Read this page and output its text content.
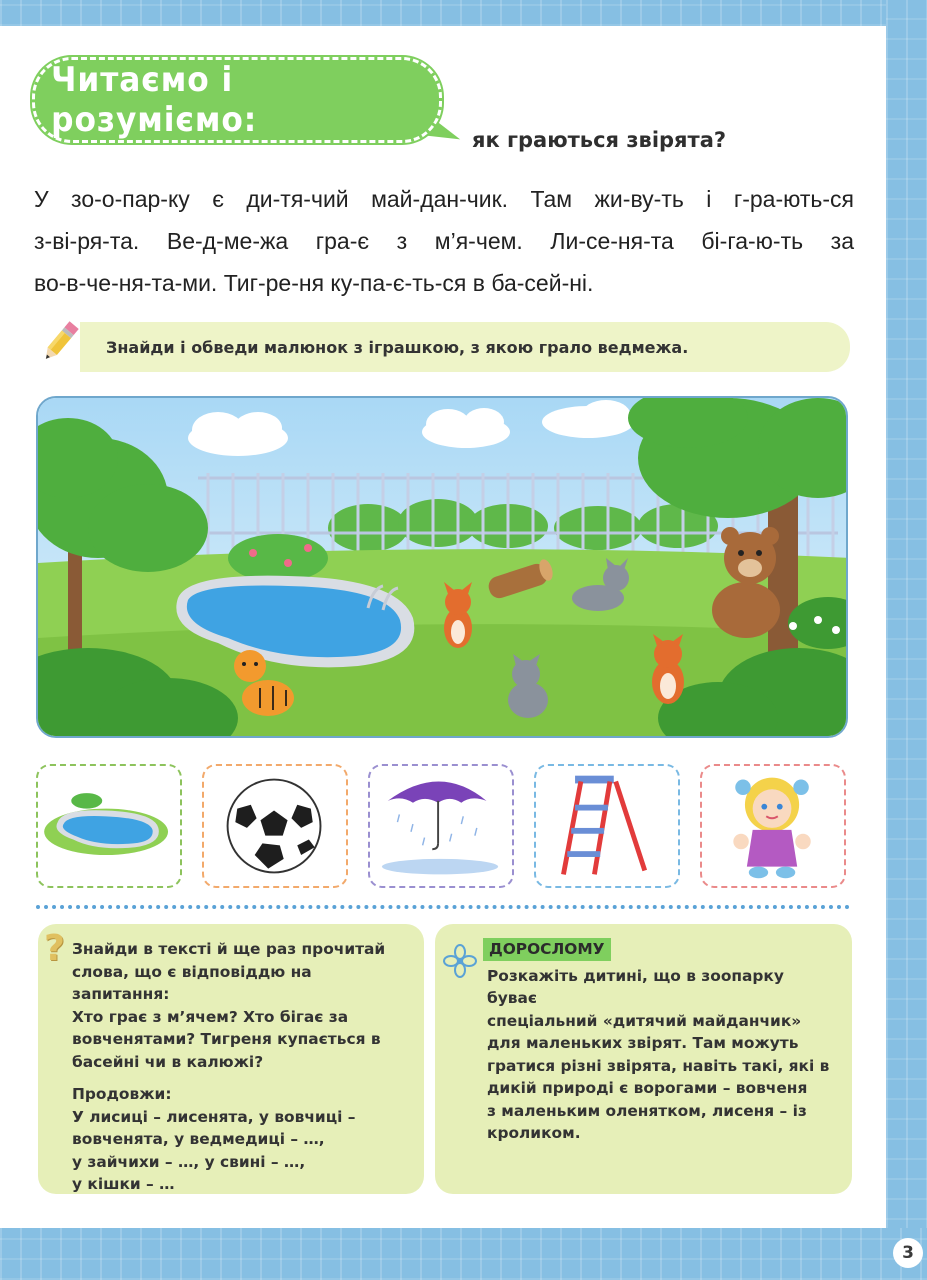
Читаємо і розуміємо:	як граються звірята?
У зо-о-пар-ку є ди-тя-чий май-дан-чик. Там жи-ву-ть і г-ра-ють-ся
з-ві-ря-та. Ве-д-ме-жа гра-є з м’я-чем. Ли-се-ня-та бі-га-ю-ть за
во-в-че-ня-та-ми. Тиг-ре-ня ку-па-є-ть-ся в ба-сей-ні.
Знайди і обведи малюнок з іграшкою, з якою грало ведмежа.
? Знайди в тексті й ще раз прочитай
слова, що є відповіддю на запитання:
Хто грає з м’ячем? Хто бігає за
вовченятами? Тигреня купається в
басейні чи в калюжі?

Продовжи:
У лисиці – лисенята, у вовчиці –
вовченята, у ведмедиці – …,
у зайчихи – …, у свині – …,
у кішки – …

ДОРОСЛОМУ
Розкажіть дитині, що в зоопарку буває
спеціальний «дитячий майданчик»
для маленьких звірят. Там можуть
гратися різні звірята, навіть такі, які в
дикій природі є ворогами – вовченя
з маленьким оленятком, лисеня – із
кроликом.
3
